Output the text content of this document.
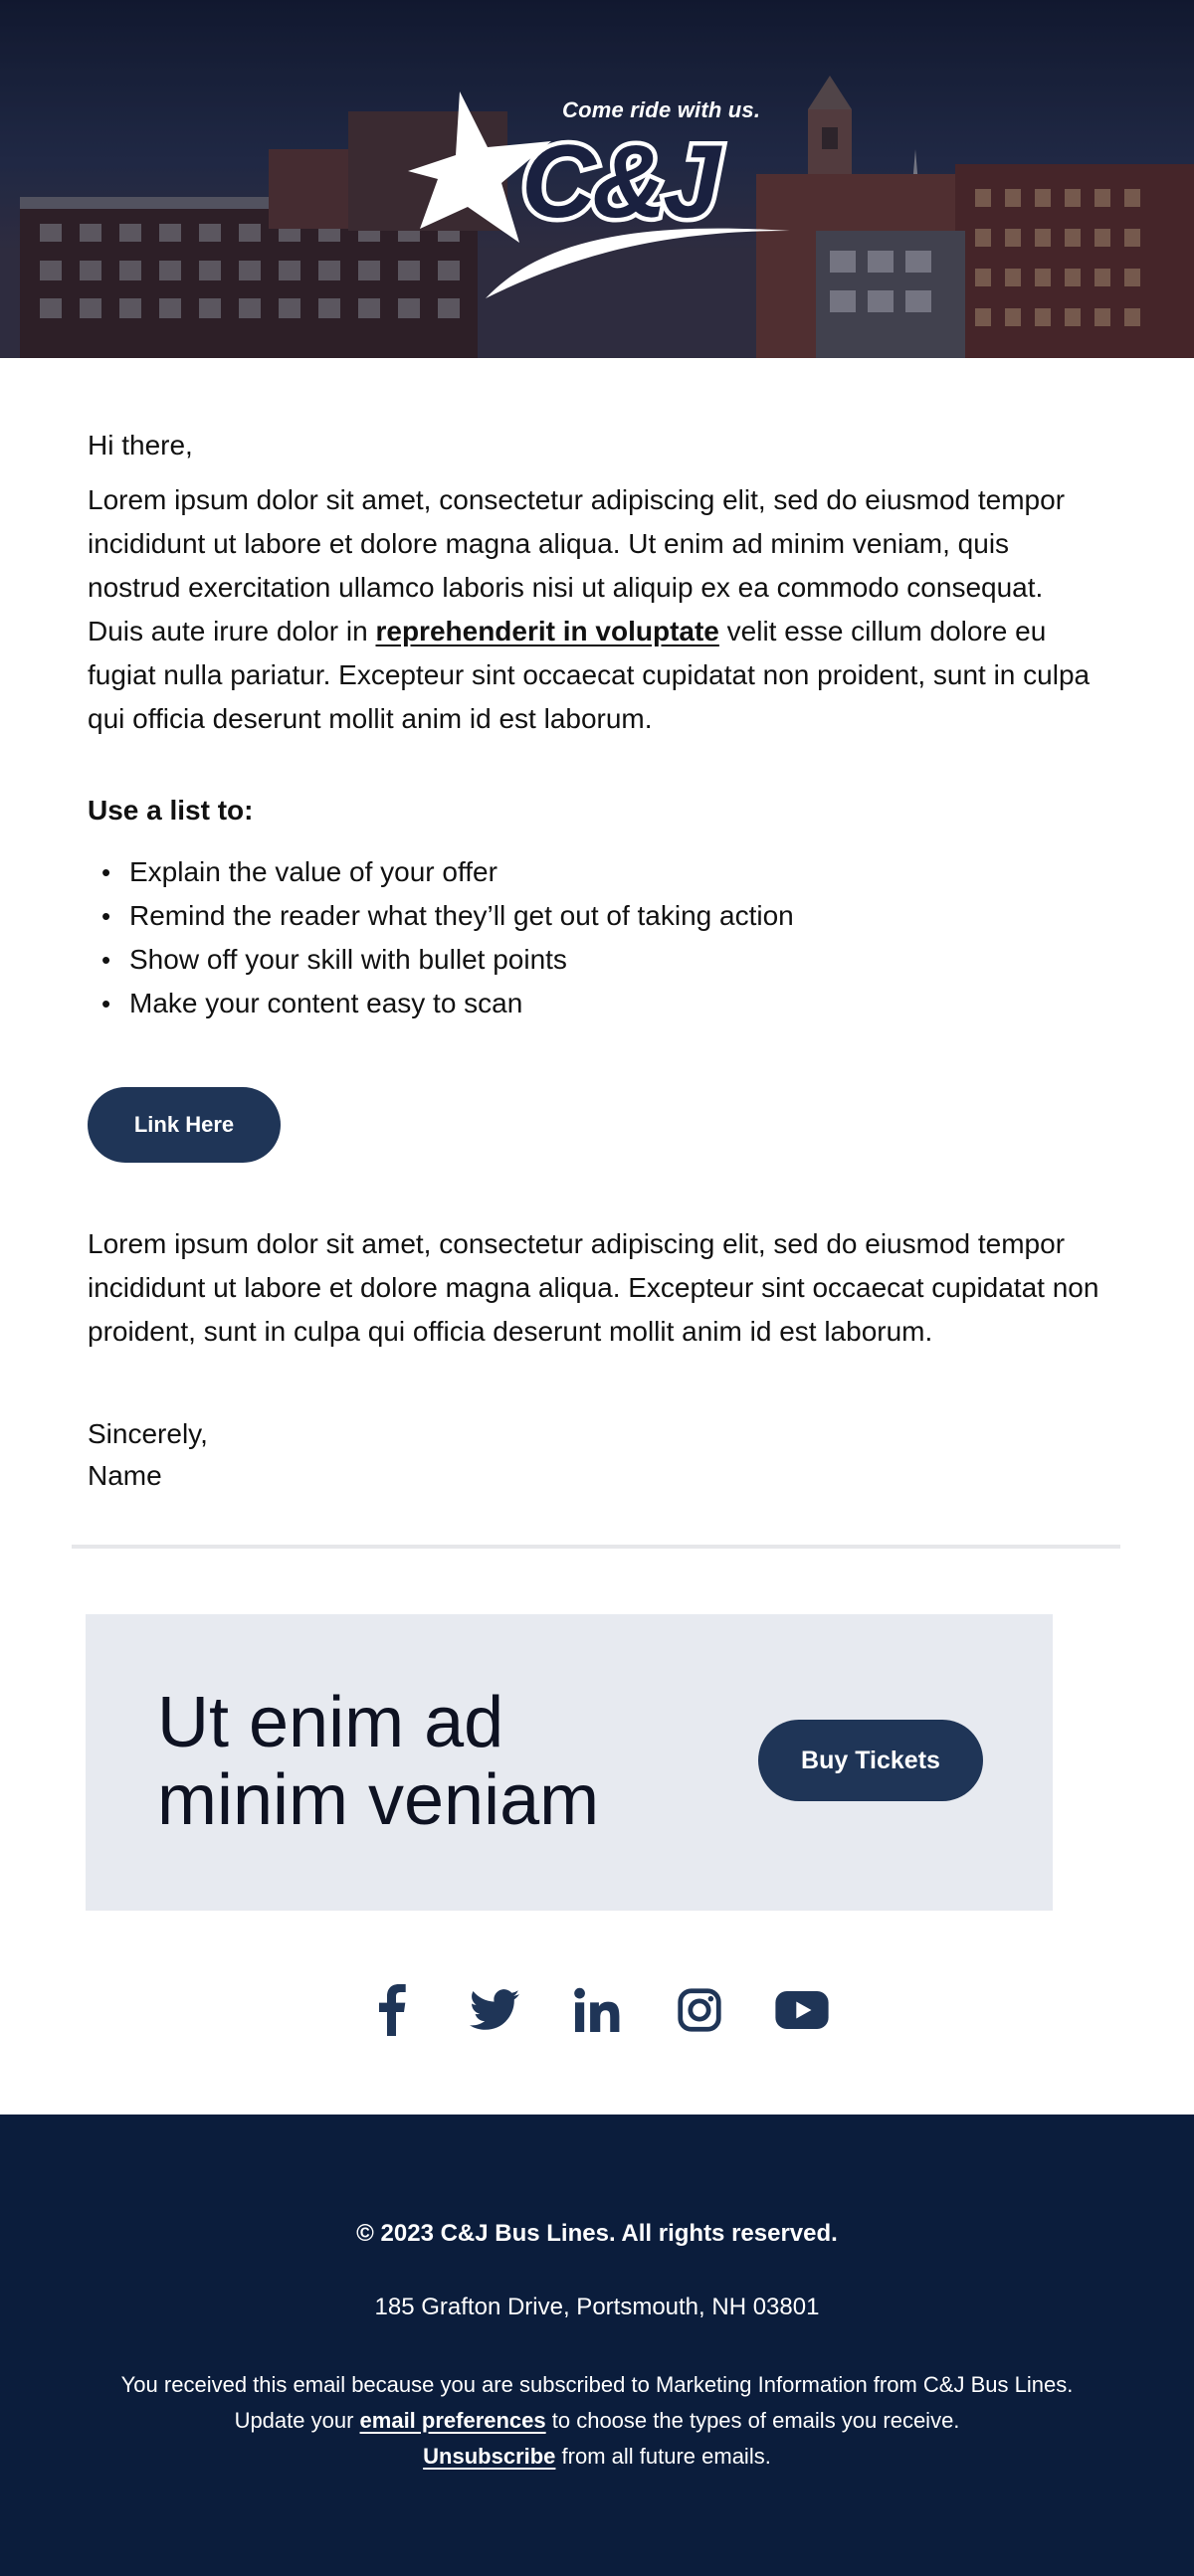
C&J
Come ride with us.

Hi there,

Lorem ipsum dolor sit amet, consectetur adipiscing elit, sed do eiusmod tempor incididunt ut labore et dolore magna aliqua. Ut enim ad minim veniam, quis nostrud exercitation ullamco laboris nisi ut aliquip ex ea commodo consequat. Duis aute irure dolor in reprehenderit in voluptate velit esse cillum dolore eu fugiat nulla pariatur. Excepteur sint occaecat cupidatat non proident, sunt in culpa qui officia deserunt mollit anim id est laborum.

Use a list to:

• Explain the value of your offer
• Remind the reader what they’ll get out of taking action
• Show off your skill with bullet points
• Make your content easy to scan
Link Here

Lorem ipsum dolor sit amet, consectetur adipiscing elit, sed do eiusmod tempor incididunt ut labore et dolore magna aliqua. Excepteur sint occaecat cupidatat non proident, sunt in culpa qui officia deserunt mollit anim id est laborum.

Sincerely,
Name
Ut enim ad
minim veniam
Buy Tickets
© 2023 C&J Bus Lines. All rights reserved.
185 Grafton Drive, Portsmouth, NH 03801
You received this email because you are subscribed to Marketing Information from C&J Bus Lines.
Update your email preferences to choose the types of emails you receive.
Unsubscribe from all future emails.
